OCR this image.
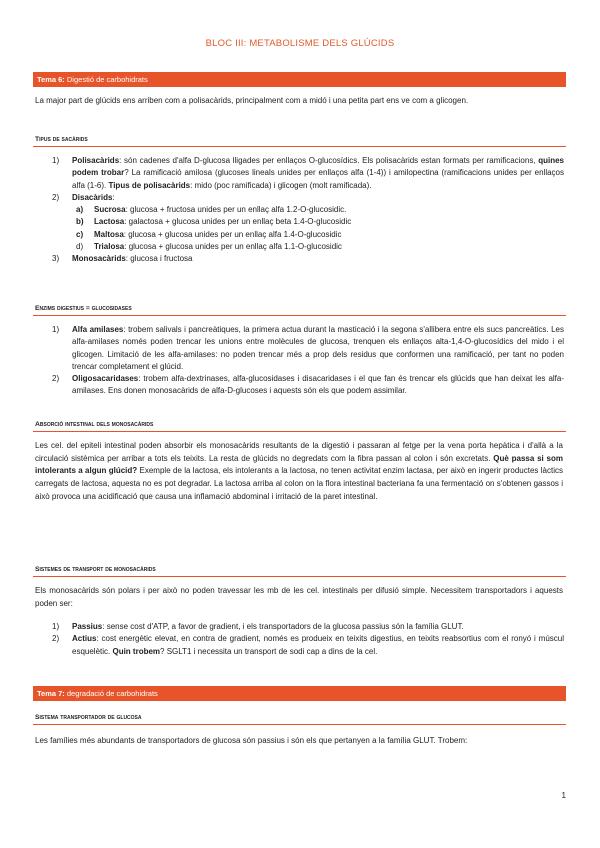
BLOC III: METABOLISME DELS GLÚCIDS
Tema 6: Digestió de carbohidrats
La major part de glúcids ens arriben com a polisacàrids, principalment com a midó i una petita part ens ve com a glicogen.
Tipus de sacàrids
1) Polisacàrids: són cadenes d'alfa D-glucosa lligades per enllaços O-glucosídics. Els polisacàrids estan formats per ramificacions, quines podem trobar? La ramificació amilosa (glucoses lineals unides per enllaços alfa (1-4)) i amilopectina (ramificacions unides per enllaços alfa (1-6). Tipus de polisacàrids: mido (poc ramificada) i glicogen (molt ramificada).
2) Disacàrids:
a) Sucrosa: glucosa + fructosa unides per un enllaç alfa 1.2-O-glucosidic.
b) Lactosa: galactosa + glucosa unides per un enllaç beta 1.4-O-glucosidic
c) Maltosa: glucosa + glucosa unides per un enllaç alfa 1.4-O-glucosidic
d) Trialosa: glucosa + glucosa unides per un enllaç alfa 1.1-O-glucosidic
3) Monosacàrids: glucosa i fructosa
Enzims digestius = glucosidases
1) Alfa amilases: trobem salivals i pancreàtiques, la primera actua durant la masticació i la segona s'allibera entre els sucs pancreàtics. Les alfa-amilases només poden trencar les unions entre molècules de glucosa, trenquen els enllaços alta-1,4-O-glucosídics del mido i el glicogen. Limitació de les alfa-amilases: no poden trencar més a prop dels residus que conformen una ramificació, per tant no poden trencar completament el glúcid.
2) Oligosacaridases: trobem alfa-dextrinases, alfa-glucosidases i disacaridases i el que fan és trencar els glúcids que han deixat les alfa-amilases. Ens donen monosacàrids de alfa-D-glucoses i aquests són els que podem assimilar.
Absorció intestinal dels monosacàrids
Les cel. del epiteli intestinal poden absorbir els monosacàrids resultants de la digestió i passaran al fetge per la vena porta hepàtica i d'allà a la circulació sistèmica per arribar a tots els teixits. La resta de glúcids no degredats com la fibra passan al colon i són excretats. Què passa si som intolerants a algun glúcid? Exemple de la lactosa, els intolerants a la lactosa, no tenen activitat enzim lactasa, per això en ingerir productes làctics carregats de lactosa, aquesta no es pot degradar. La lactosa arriba al colon on la flora intestinal bacteriana fa una fermentació on s'obtenen gassos i això provoca una acidificació que causa una inflamació abdominal i irritació de la paret intestinal.
Sistemes de transport de monosacàrids
Els monosacàrids són polars i per això no poden travessar les mb de les cel. intestinals per difusió simple. Necessitem transportadors i aquests poden ser:
1) Passius: sense cost d'ATP, a favor de gradient, i els transportadors de la glucosa passius són la família GLUT.
2) Actius: cost energètic elevat, en contra de gradient, només es produeix en teixits digestius, en teixits reabsortius com el ronyó i múscul esquelètic. Quin trobem? SGLT1 i necessita un transport de sodi cap a dins de la cel.
Tema 7: degradació de carbohidrats
Sistema transportador de glucosa
Les famílies més abundants de transportadors de glucosa són passius i són els que pertanyen a la família GLUT. Trobem:
1
